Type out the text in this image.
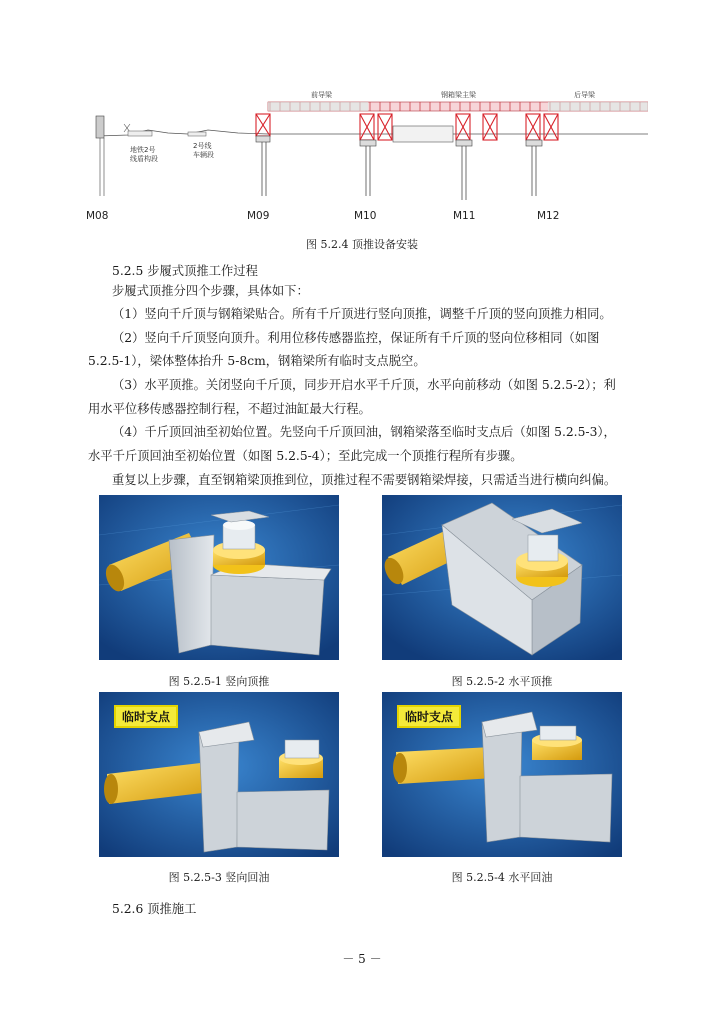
前导梁	钢箱梁主梁	后导梁
地铁2号
线盾构段
2号线
车辆段
M08	M09	M10	M11	M12
图 5.2.4 顶推设备安装
5.2.5 步履式顶推工作过程
步履式顶推分四个步骤，具体如下：
（1）竖向千斤顶与钢箱梁贴合。所有千斤顶进行竖向顶推，调整千斤顶的竖向顶推力相同。
（2）竖向千斤顶竖向顶升。利用位移传感器监控，保证所有千斤顶的竖向位移相同（如图
5.2.5-1），梁体整体抬升 5-8cm，钢箱梁所有临时支点脱空。
（3）水平顶推。关闭竖向千斤顶，同步开启水平千斤顶，水平向前移动（如图 5.2.5-2）；利
用水平位移传感器控制行程，不超过油缸最大行程。
（4）千斤顶回油至初始位置。先竖向千斤顶回油，钢箱梁落至临时支点后（如图 5.2.5-3），
水平千斤顶回油至初始位置（如图 5.2.5-4）；至此完成一个顶推行程所有步骤。
重复以上步骤，直至钢箱梁顶推到位，顶推过程不需要钢箱梁焊接，只需适当进行横向纠偏。
图 5.2.5-1 竖向顶推	图 5.2.5-2 水平顶推
临时支点
图 5.2.5-3 竖向回油
临时支点
图 5.2.5-4 水平回油
5.2.6 顶推施工
－ 5 －
